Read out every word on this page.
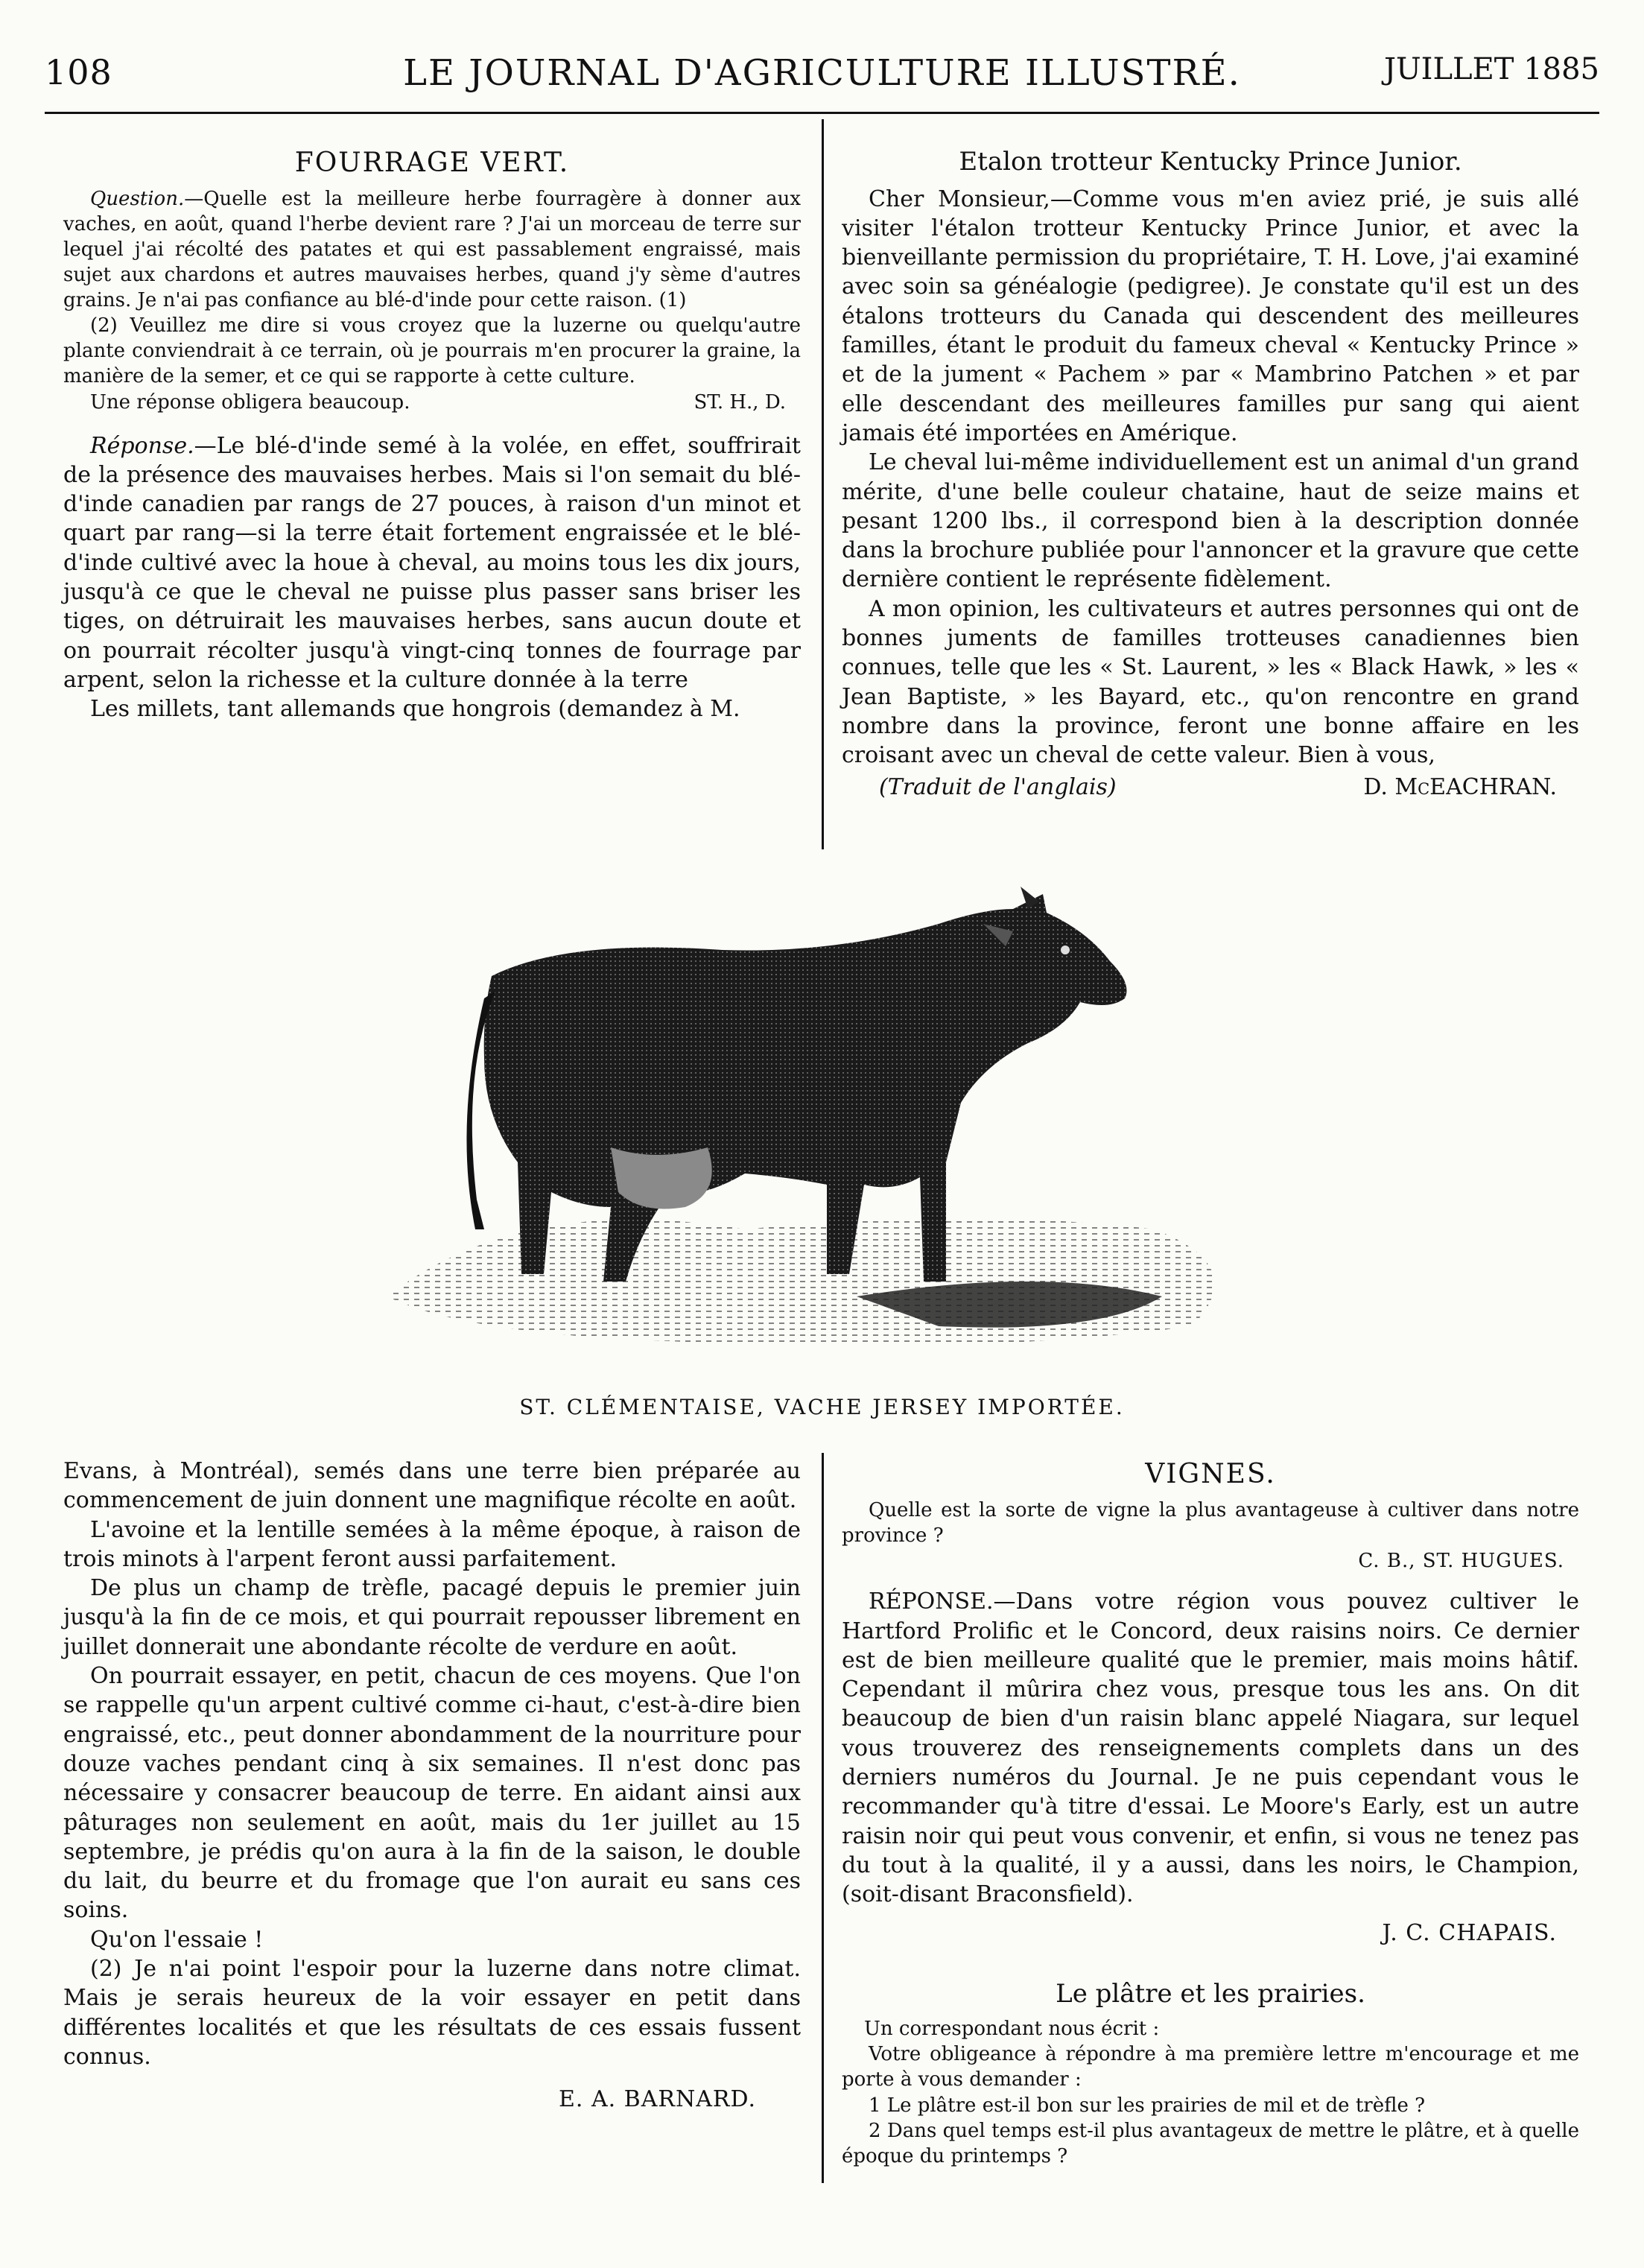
108	LE JOURNAL D'AGRICULTURE ILLUSTRÉ.	JUILLET 1885
FOURRAGE VERT.

Question.—Quelle est la meilleure herbe fourragère à donner aux vaches, en août, quand l'herbe devient rare ? J'ai un morceau de terre sur lequel j'ai récolté des patates et qui est passablement engraissé, mais sujet aux chardons et autres mauvaises herbes, quand j'y sème d'autres grains. Je n'ai pas confiance au blé-d'inde pour cette raison. (1)

(2) Veuillez me dire si vous croyez que la luzerne ou quelqu'autre plante conviendrait à ce terrain, où je pourrais m'en procurer la graine, la manière de la semer, et ce qui se rapporte à cette culture.

Une réponse obligera beaucoup.	ST. H., D.

Réponse.—Le blé-d'inde semé à la volée, en effet, souffrirait de la présence des mauvaises herbes. Mais si l'on semait du blé-d'inde canadien par rangs de 27 pouces, à raison d'un minot et quart par rang—si la terre était fortement engraissée et le blé-d'inde cultivé avec la houe à cheval, au moins tous les dix jours, jusqu'à ce que le cheval ne puisse plus passer sans briser les tiges, on détruirait les mauvaises herbes, sans aucun doute et on pourrait récolter jusqu'à vingt-cinq tonnes de fourrage par arpent, selon la richesse et la culture donnée à la terre

Les millets, tant allemands que hongrois (demandez à M.

Etalon trotteur Kentucky Prince Junior.

Cher Monsieur,—Comme vous m'en aviez prié, je suis allé visiter l'étalon trotteur Kentucky Prince Junior, et avec la bienveillante permission du propriétaire, T. H. Love, j'ai examiné avec soin sa généalogie (pedigree). Je constate qu'il est un des étalons trotteurs du Canada qui descendent des meilleures familles, étant le produit du fameux cheval « Kentucky Prince » et de la jument « Pachem » par « Mambrino Patchen » et par elle descendant des meilleures familles pur sang qui aient jamais été importées en Amérique.

Le cheval lui-même individuellement est un animal d'un grand mérite, d'une belle couleur chataine, haut de seize mains et pesant 1200 lbs., il correspond bien à la description donnée dans la brochure publiée pour l'annoncer et la gravure que cette dernière contient le représente fidèlement.

A mon opinion, les cultivateurs et autres personnes qui ont de bonnes juments de familles trotteuses canadiennes bien connues, telle que les « St. Laurent, » les « Black Hawk, » les « Jean Baptiste, » les Bayard, etc., qu'on rencontre en grand nombre dans la province, feront une bonne affaire en les croisant avec un cheval de cette valeur. Bien à vous,

(Traduit de l'anglais)	D. McEACHRAN.
ST. CLÉMENTAISE, VACHE JERSEY IMPORTÉE.

Evans, à Montréal), semés dans une terre bien préparée au commencement de juin donnent une magnifique récolte en août.

L'avoine et la lentille semées à la même époque, à raison de trois minots à l'arpent feront aussi parfaitement.

De plus un champ de trèfle, pacagé depuis le premier juin jusqu'à la fin de ce mois, et qui pourrait repousser librement en juillet donnerait une abondante récolte de verdure en août.

On pourrait essayer, en petit, chacun de ces moyens. Que l'on se rappelle qu'un arpent cultivé comme ci-haut, c'est-à-dire bien engraissé, etc., peut donner abondamment de la nourriture pour douze vaches pendant cinq à six semaines. Il n'est donc pas nécessaire y consacrer beaucoup de terre. En aidant ainsi aux pâturages non seulement en août, mais du 1er juillet au 15 septembre, je prédis qu'on aura à la fin de la saison, le double du lait, du beurre et du fromage que l'on aurait eu sans ces soins.

Qu'on l'essaie !

(2) Je n'ai point l'espoir pour la luzerne dans notre climat. Mais je serais heureux de la voir essayer en petit dans différentes localités et que les résultats de ces essais fussent connus.

E. A. BARNARD.
VIGNES.

Quelle est la sorte de vigne la plus avantageuse à cultiver dans notre province ?

C. B., ST. HUGUES.

RÉPONSE.—Dans votre région vous pouvez cultiver le Hartford Prolific et le Concord, deux raisins noirs. Ce dernier est de bien meilleure qualité que le premier, mais moins hâtif. Cependant il mûrira chez vous, presque tous les ans. On dit beaucoup de bien d'un raisin blanc appelé Niagara, sur lequel vous trouverez des renseignements complets dans un des derniers numéros du Journal. Je ne puis cependant vous le recommander qu'à titre d'essai. Le Moore's Early, est un autre raisin noir qui peut vous convenir, et enfin, si vous ne tenez pas du tout à la qualité, il y a aussi, dans les noirs, le Champion, (soit-disant Braconsfield).

J. C. CHAPAIS.
Le plâtre et les prairies.

Un correspondant nous écrit :

Votre obligeance à répondre à ma première lettre m'encourage et me porte à vous demander :

1 Le plâtre est-il bon sur les prairies de mil et de trèfle ?

2 Dans quel temps est-il plus avantageux de mettre le plâtre, et à quelle époque du printemps ?
